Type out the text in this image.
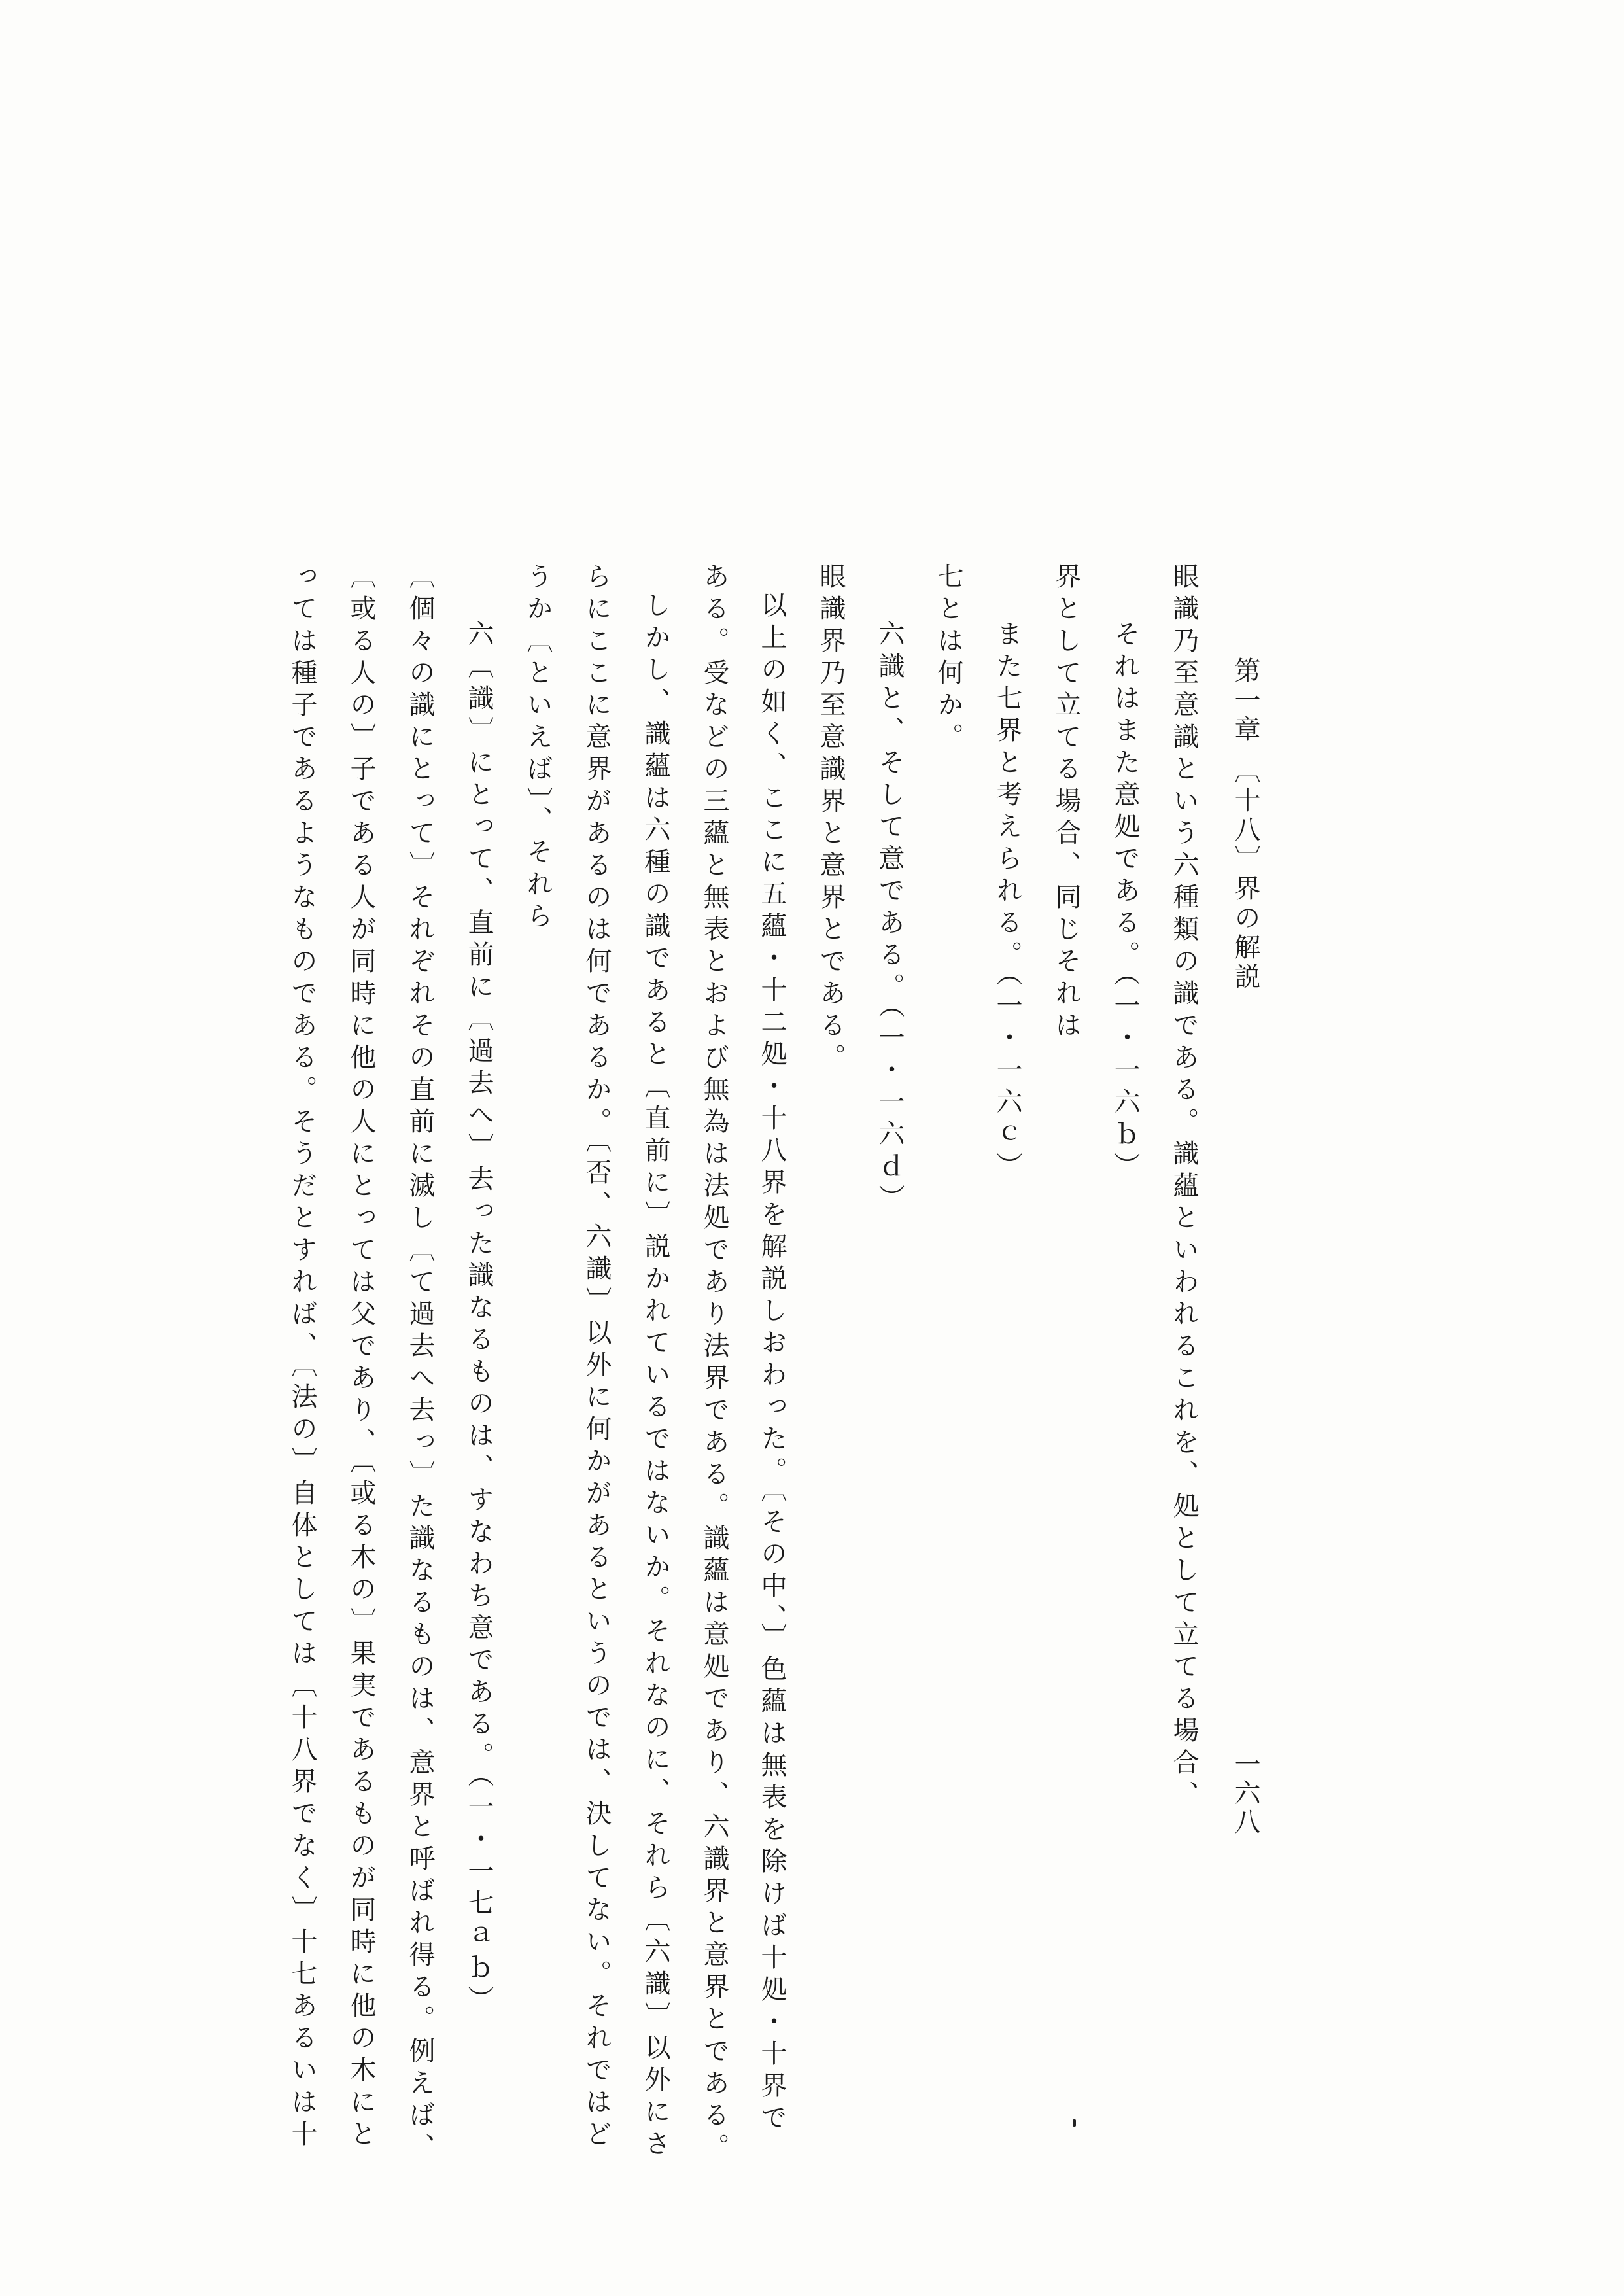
第一章 〔十八〕界の解説
一六八
眼識乃至意識という六種類の識である。識蘊といわれるこれを、処として立てる場合、
それはまた意処である。（一・一六ｂ）
界として立てる場合、同じそれは
また七界と考えられる。（一・一六ｃ）
七とは何か。
六識と、そして意である。（一・一六ｄ）
眼識界乃至意識界と意界とである。
以上の如く、ここに五蘊・十二処・十八界を解説しおわった。〔その中、〕色蘊は無表を除けば十処・十界で
ある。受などの三蘊と無表とおよび無為は法処であり法界である。識蘊は意処であり、六識界と意界とである。
しかし、識蘊は六種の識であると〔直前に〕説かれているではないか。それなのに、それら〔六識〕以外にさ
らにここに意界があるのは何であるか。〔否、六識〕以外に何かがあるというのでは、決してない。それではど
うか〔といえば〕、それら
六〔識〕にとって、直前に〔過去へ〕去った識なるものは、すなわち意である。（一・一七ａｂ）
〔個々の識にとって〕それぞれその直前に滅し〔て過去へ去っ〕た識なるものは、意界と呼ばれ得る。例えば、
〔或る人の〕子である人が同時に他の人にとっては父であり、〔或る木の〕果実であるものが同時に他の木にと
っては種子であるようなものである。そうだとすれば、〔法の〕自体としては〔十八界でなく〕十七あるいは十
